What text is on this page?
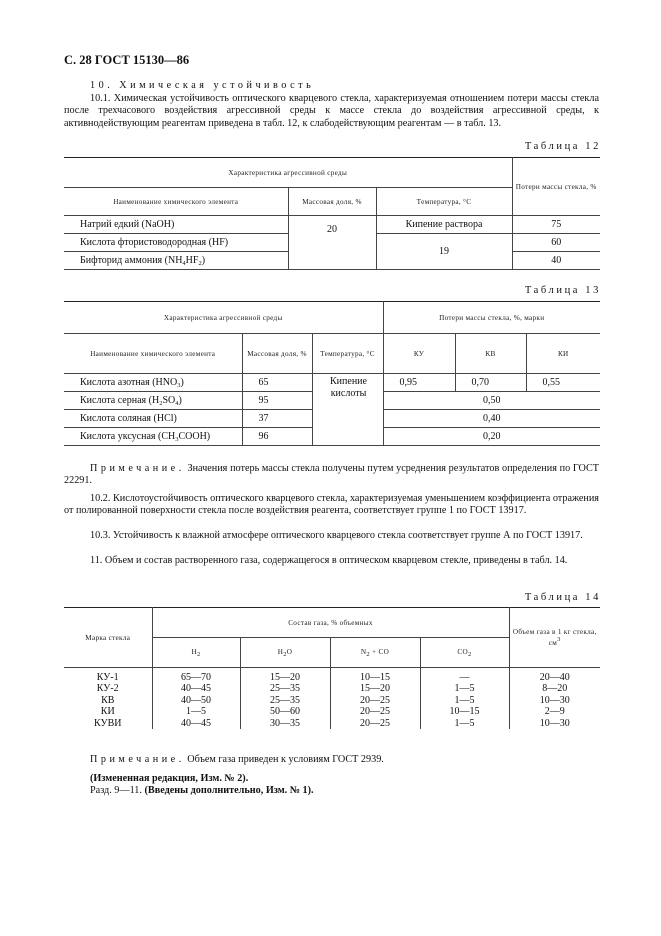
С. 28 ГОСТ 15130—86
10. Химическая устойчивость
10.1. Химическая устойчивость оптического кварцевого стекла, характеризуемая отношением потери массы стекла после трехчасового воздействия агрессивной среды к массе стекла до воздействия агрессивной среды, к активнодействующим реагентам приведена в табл. 12, к слабодействующим реагентам — в табл. 13.
Таблица 12
Характеристика агрессивной среды			Потери массы стекла, %
Наименование химического элемента	Массовая доля, %	Температура, °С	
Натрий едкий (NaOH)	20	Кипение раствора	75
Кислота фтористоводородная (HF)		19	60
Бифторид аммония $(NH_4HF_2)$			40
Таблица 13
Характеристика агрессивной среды			Потери массы стекла, %, марки		
Наименование химического элемента	Массовая доля, %	Температура, °С	КУ	КВ	КИ
Кислота азотная $(HNO_3)$	65	Кипение кислоты	0,95	0,70	0,55
Кислота серная $(H_2SO_4)$	95		0,50		
Кислота соляная (HCl)	37		0,40		
Кислота уксусная $(CH_3COOH)$	96		0,20		
Примечание. Значения потерь массы стекла получены путем усреднения результатов определения по ГОСТ 22291.
10.2. Кислотоустойчивость оптического кварцевого стекла, характеризуемая уменьшением коэффициента отражения от полированной поверхности стекла после воздействия реагента, соответствует группе 1 по ГОСТ 13917.
10.3. Устойчивость к влажной атмосфере оптического кварцевого стекла соответствует группе А по ГОСТ 13917.
11. Объем и состав растворенного газа, содержащегося в оптическом кварцевом стекле, приведены в табл. 14.
Таблица 14
Марка стекла	Состав газа, % объемных				Объем газа в 1 кг стекла, см3
	H2	H2O	N2 + CO	CO2	

КУ-1	65—70	15—20	10—15	—	20—40
КУ-2	40—45	25—35	15—20	1—5	8—20
КВ	40—50	25—35	20—25	1—5	10—30
КИ	1—5	50—60	20—25	10—15	2—9
КУВИ	40—45	30—35	20—25	1—5	10—30
Примечание. Объем газа приведен к условиям ГОСТ 2939.
(Измененная редакция, Изм. № 2).
Разд. 9—11. (Введены дополнительно, Изм. № 1).
